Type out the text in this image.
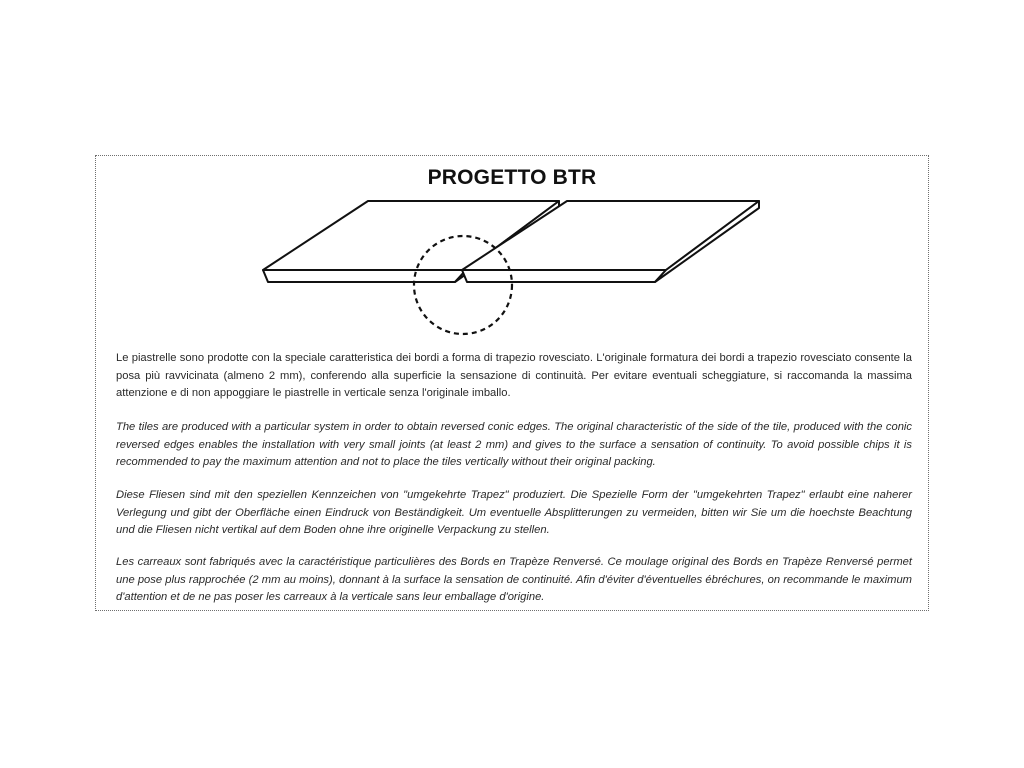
PROGETTO BTR

Le piastrelle sono prodotte con la speciale caratteristica dei bordi a forma di trapezio rovesciato. L'originale formatura dei bordi a trapezio rovesciato consente la posa più ravvicinata (almeno 2 mm), conferendo alla superficie la sensazione di continuità. Per evitare eventuali scheggiature, si raccomanda la massima attenzione e di non appoggiare le piastrelle in verticale senza l'originale imballo.

The tiles are produced with a particular system in order to obtain reversed conic edges. The original characteristic of the side of the tile, produced with the conic reversed edges enables the installation with very small joints (at least 2 mm) and gives to the surface a sensation of continuity. To avoid possible chips it is recommended to pay the maximum attention and not to place the tiles vertically without their original packing.

Diese Fliesen sind mit den speziellen Kennzeichen von "umgekehrte Trapez" produziert. Die Spezielle Form der "umgekehrten Trapez" erlaubt eine naherer Verlegung und gibt der Oberfläche einen Eindruck von Beständigkeit. Um eventuelle Absplitterungen zu vermeiden, bitten wir Sie um die hoechste Beachtung und die Fliesen nicht vertikal auf dem Boden ohne ihre originelle Verpackung zu stellen.

Les carreaux sont fabriqués avec la caractéristique particulières des Bords en Trapèze Renversé. Ce moulage original des Bords en Trapèze Renversé permet une pose plus rapprochée (2 mm au moins), donnant à la surface la sensation de continuité. Afin d'éviter d'éventuelles ébréchures, on recommande le maximum d'attention et de ne pas poser les carreaux à la verticale sans leur emballage d'origine.
